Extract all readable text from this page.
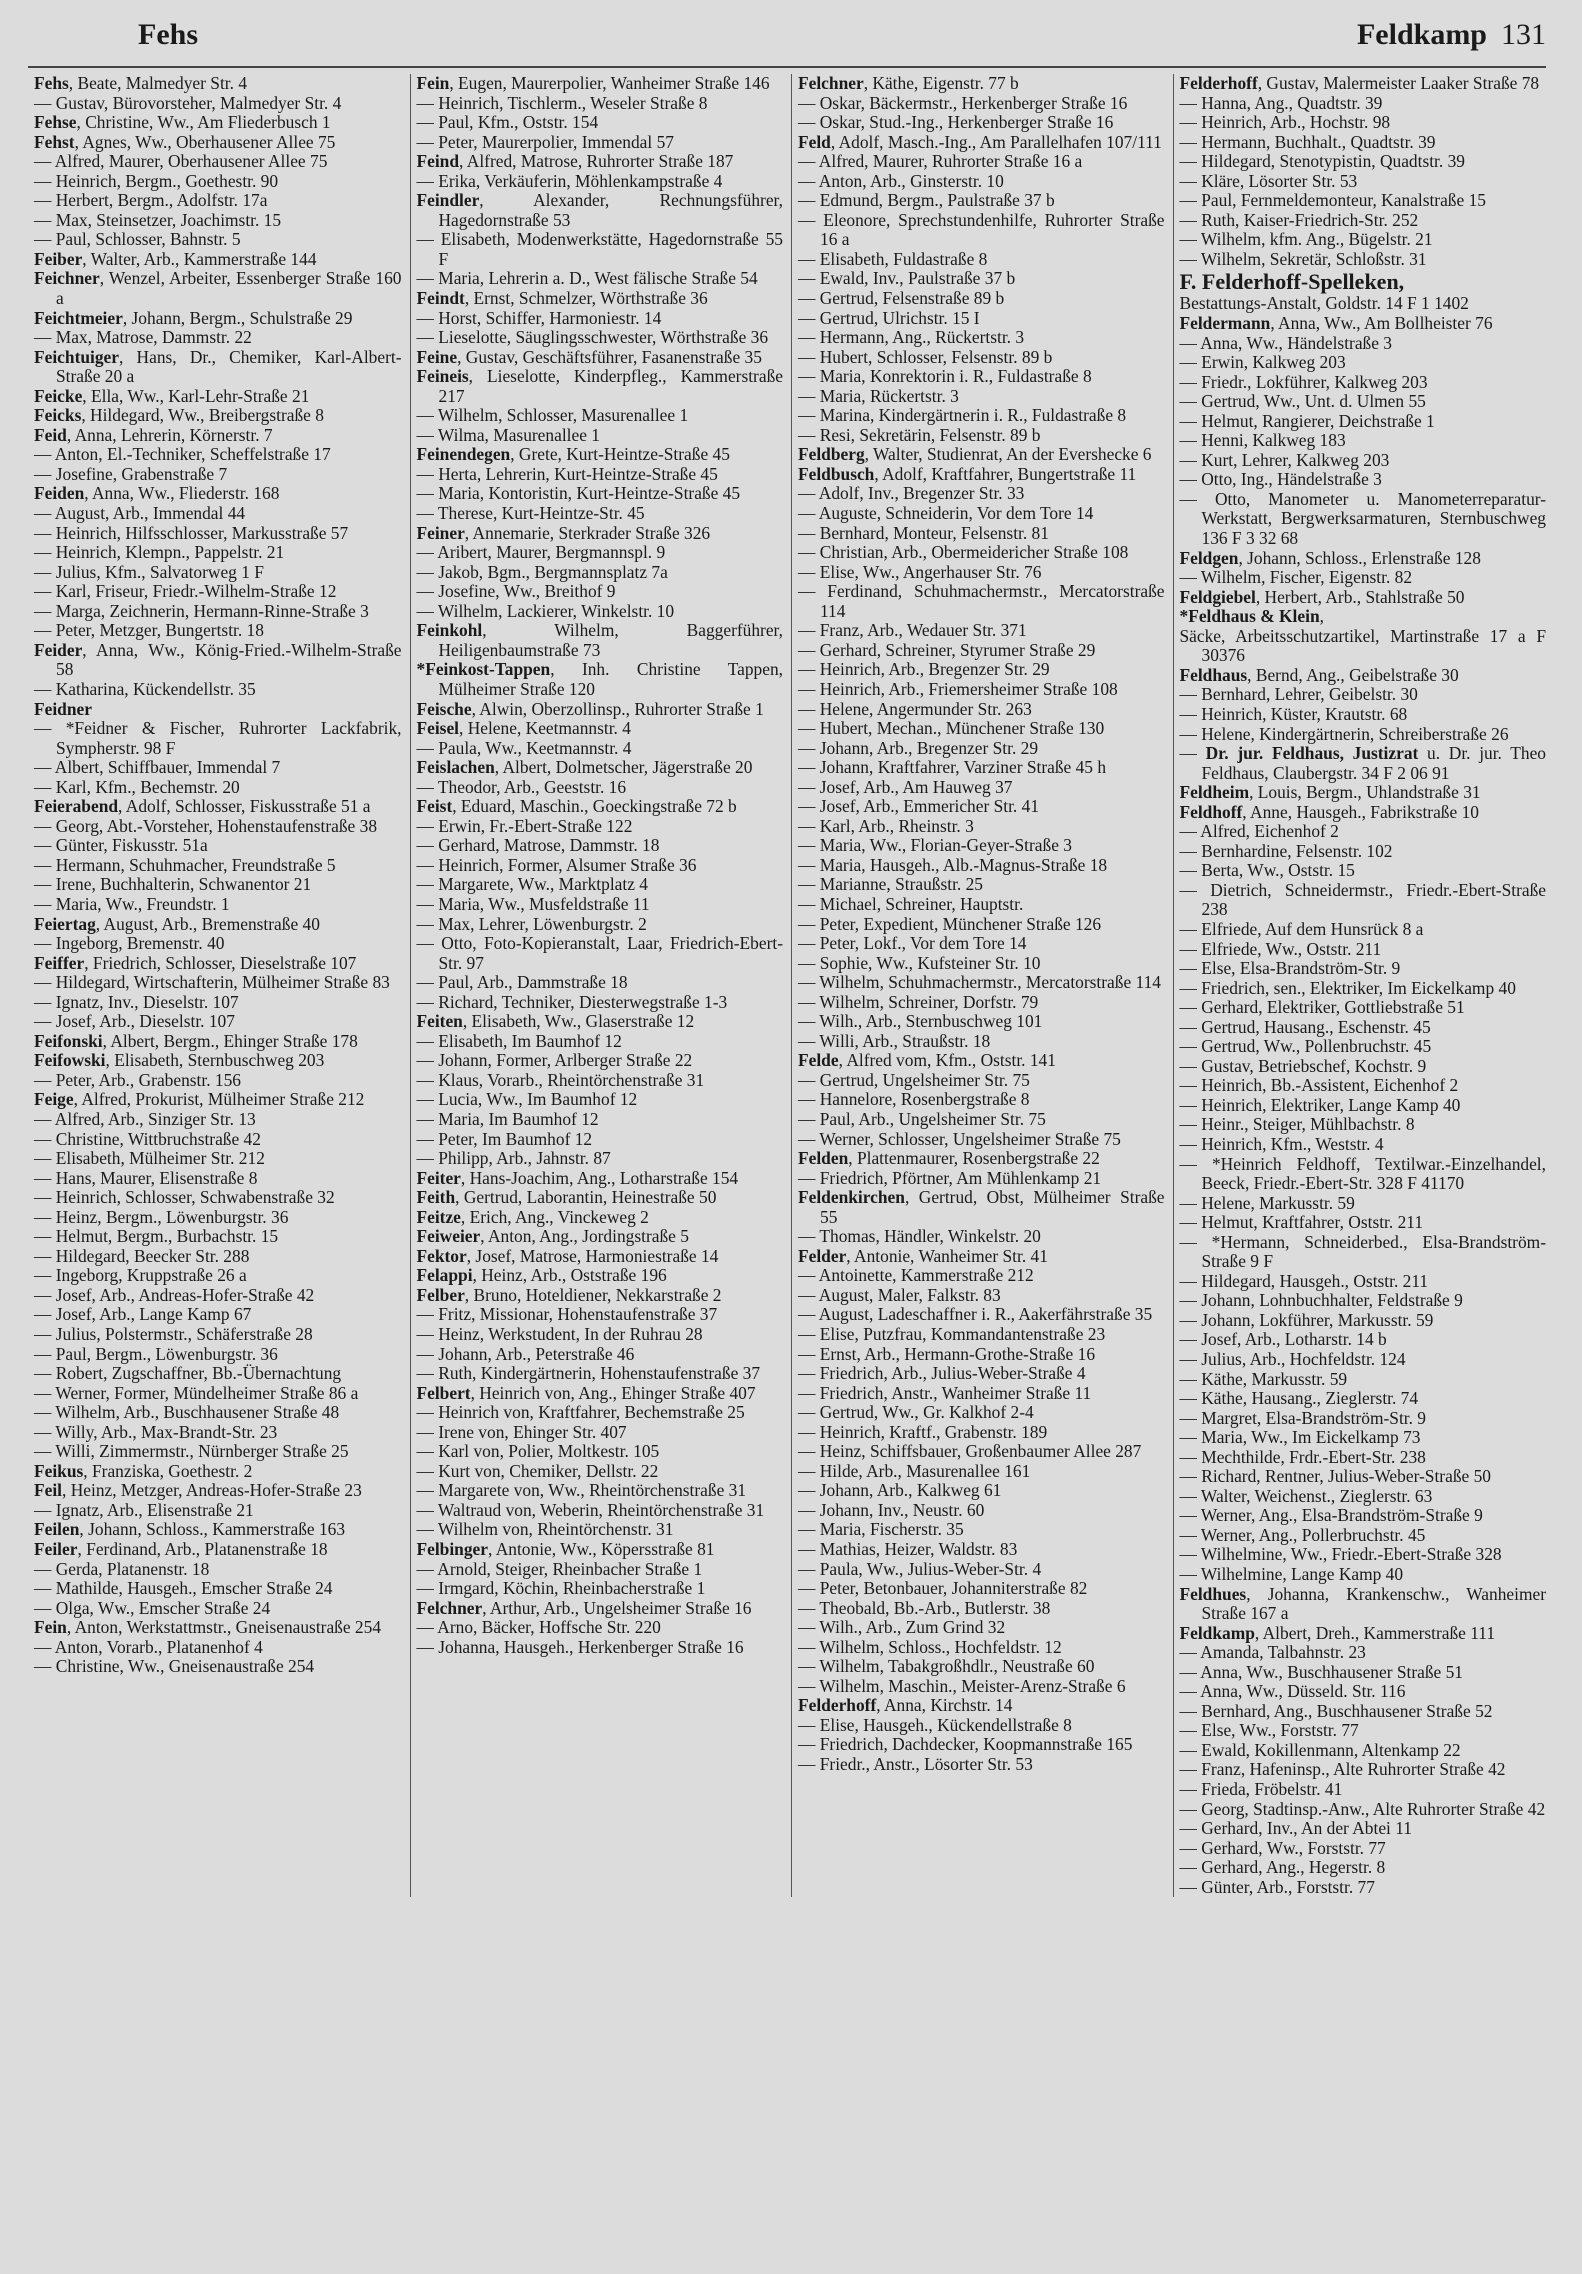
Fehs	Feldkamp 131
Fehs, Beate, Malmedyer Str. 4
— Gustav, Bürovorsteher, Malmedyer Str. 4
Fehse, Christine, Ww., Am Fliederbusch 1
Fehst, Agnes, Ww., Oberhausener Allee 75
— Alfred, Maurer, Oberhausener Allee 75
— Heinrich, Bergm., Goethestr. 90
— Herbert, Bergm., Adolfstr. 17a
— Max, Steinsetzer, Joachimstr. 15
— Paul, Schlosser, Bahnstr. 5
Feiber, Walter, Arb., Kammerstraße 144
Feichner, Wenzel, Arbeiter, Essenberger Straße 160 a
Feichtmeier, Johann, Bergm., Schulstraße 29
— Max, Matrose, Dammstr. 22
Feichtuiger, Hans, Dr., Chemiker, Karl-Albert-Straße 20 a
Feicke, Ella, Ww., Karl-Lehr-Straße 21
Feicks, Hildegard, Ww., Breibergstraße 8
Feid, Anna, Lehrerin, Körnerstr. 7
— Anton, El.-Techniker, Scheffelstraße 17
— Josefine, Grabenstraße 7
Feiden, Anna, Ww., Fliederstr. 168
— August, Arb., Immendal 44
— Heinrich, Hilfsschlosser, Markusstraße 57
— Heinrich, Klempn., Pappelstr. 21
— Julius, Kfm., Salvatorweg 1 F
— Karl, Friseur, Friedr.-Wilhelm-Straße 12
— Marga, Zeichnerin, Hermann-Rinne-Straße 3
— Peter, Metzger, Bungertstr. 18
Feider, Anna, Ww., König-Fried.-Wilhelm-Straße 58
— Katharina, Kückendellstr. 35
Feidner
— *Feidner & Fischer, Ruhrorter Lackfabrik, Sympherstr. 98 F
— Albert, Schiffbauer, Immendal 7
— Karl, Kfm., Bechemstr. 20
Feierabend, Adolf, Schlosser, Fiskusstraße 51 a
— Georg, Abt.-Vorsteher, Hohenstaufenstraße 38
— Günter, Fiskusstr. 51a
— Hermann, Schuhmacher, Freundstraße 5
— Irene, Buchhalterin, Schwanentor 21
— Maria, Ww., Freundstr. 1
Feiertag, August, Arb., Bremenstraße 40
— Ingeborg, Bremenstr. 40
Feiffer, Friedrich, Schlosser, Dieselstraße 107
— Hildegard, Wirtschafterin, Mülheimer Straße 83
— Ignatz, Inv., Dieselstr. 107
— Josef, Arb., Dieselstr. 107
Feifonski, Albert, Bergm., Ehinger Straße 178
Feifowski, Elisabeth, Sternbuschweg 203
— Peter, Arb., Grabenstr. 156
Feige, Alfred, Prokurist, Mülheimer Straße 212
— Alfred, Arb., Sinziger Str. 13
— Christine, Wittbruchstraße 42
— Elisabeth, Mülheimer Str. 212
— Hans, Maurer, Elisenstraße 8
— Heinrich, Schlosser, Schwabenstraße 32
— Heinz, Bergm., Löwenburgstr. 36
— Helmut, Bergm., Burbachstr. 15
— Hildegard, Beecker Str. 288
— Ingeborg, Kruppstraße 26 a
— Josef, Arb., Andreas-Hofer-Straße 42
— Josef, Arb., Lange Kamp 67
— Julius, Polstermstr., Schäferstraße 28
— Paul, Bergm., Löwenburgstr. 36
— Robert, Zugschaffner, Bb.-Übernachtung
— Werner, Former, Mündelheimer Straße 86 a
— Wilhelm, Arb., Buschhausener Straße 48
— Willy, Arb., Max-Brandt-Str. 23
— Willi, Zimmermstr., Nürnberger Straße 25
Feikus, Franziska, Goethestr. 2
Feil, Heinz, Metzger, Andreas-Hofer-Straße 23
— Ignatz, Arb., Elisenstraße 21
Feilen, Johann, Schloss., Kammerstraße 163
Feiler, Ferdinand, Arb., Platanenstraße 18
— Gerda, Platanenstr. 18
— Mathilde, Hausgeh., Emscher Straße 24
— Olga, Ww., Emscher Straße 24
Fein, Anton, Werkstattmstr., Gneisenaustraße 254
— Anton, Vorarb., Platanenhof 4
— Christine, Ww., Gneisenaustraße 254
Fein, Eugen, Maurerpolier, Wanheimer Straße 146
— Heinrich, Tischlerm., Weseler Straße 8
— Paul, Kfm., Oststr. 154
— Peter, Maurerpolier, Immendal 57
Feind, Alfred, Matrose, Ruhrorter Straße 187
— Erika, Verkäuferin, Möhlenkampstraße 4
Feindler, Alexander, Rechnungsführer, Hagedornstraße 53
— Elisabeth, Modenwerkstätte, Hagedornstraße 55 F
— Maria, Lehrerin a. D., West fälische Straße 54
Feindt, Ernst, Schmelzer, Wörthstraße 36
— Horst, Schiffer, Harmoniestr. 14
— Lieselotte, Säuglingsschwester, Wörthstraße 36
Feine, Gustav, Geschäftsführer, Fasanenstraße 35
Feineis, Lieselotte, Kinderpfleg., Kammerstraße 217
— Wilhelm, Schlosser, Masurenallee 1
— Wilma, Masurenallee 1
Feinendegen, Grete, Kurt-Heintze-Straße 45
— Herta, Lehrerin, Kurt-Heintze-Straße 45
— Maria, Kontoristin, Kurt-Heintze-Straße 45
— Therese, Kurt-Heintze-Str. 45
Feiner, Annemarie, Sterkrader Straße 326
— Aribert, Maurer, Bergmannspl. 9
— Jakob, Bgm., Bergmannsplatz 7a
— Josefine, Ww., Breithof 9
— Wilhelm, Lackierer, Winkelstr. 10
Feinkohl, Wilhelm, Baggerführer, Heiligenbaumstraße 73
*Feinkost-Tappen, Inh. Christine Tappen, Mülheimer Straße 120
Feische, Alwin, Oberzollinsp., Ruhrorter Straße 1
Feisel, Helene, Keetmannstr. 4
— Paula, Ww., Keetmannstr. 4
Feislachen, Albert, Dolmetscher, Jägerstraße 20
— Theodor, Arb., Geeststr. 16
Feist, Eduard, Maschin., Goeckingstraße 72 b
— Erwin, Fr.-Ebert-Straße 122
— Gerhard, Matrose, Dammstr. 18
— Heinrich, Former, Alsumer Straße 36
— Margarete, Ww., Marktplatz 4
— Maria, Ww., Musfeldstraße 11
— Max, Lehrer, Löwenburgstr. 2
— Otto, Foto-Kopieranstalt, Laar, Friedrich-Ebert-Str. 97
— Paul, Arb., Dammstraße 18
— Richard, Techniker, Diesterwegstraße 1-3
Feiten, Elisabeth, Ww., Glaserstraße 12
— Elisabeth, Im Baumhof 12
— Johann, Former, Arlberger Straße 22
— Klaus, Vorarb., Rheintörchenstraße 31
— Lucia, Ww., Im Baumhof 12
— Maria, Im Baumhof 12
— Peter, Im Baumhof 12
— Philipp, Arb., Jahnstr. 87
Feiter, Hans-Joachim, Ang., Lotharstraße 154
Feith, Gertrud, Laborantin, Heinestraße 50
Feitze, Erich, Ang., Vinckeweg 2
Feiweier, Anton, Ang., Jordingstraße 5
Fektor, Josef, Matrose, Harmoniestraße 14
Felappi, Heinz, Arb., Oststraße 196
Felber, Bruno, Hoteldiener, Nekkarstraße 2
— Fritz, Missionar, Hohenstaufenstraße 37
— Heinz, Werkstudent, In der Ruhrau 28
— Johann, Arb., Peterstraße 46
— Ruth, Kindergärtnerin, Hohenstaufenstraße 37
Felbert, Heinrich von, Ang., Ehinger Straße 407
— Heinrich von, Kraftfahrer, Bechemstraße 25
— Irene von, Ehinger Str. 407
— Karl von, Polier, Moltkestr. 105
— Kurt von, Chemiker, Dellstr. 22
— Margarete von, Ww., Rheintörchenstraße 31
— Waltraud von, Weberin, Rheintörchenstraße 31
— Wilhelm von, Rheintörchenstr. 31
Felbinger, Antonie, Ww., Köpersstraße 81
— Arnold, Steiger, Rheinbacher Straße 1
— Irmgard, Köchin, Rheinbacherstraße 1
Felchner, Arthur, Arb., Ungelsheimer Straße 16
— Arno, Bäcker, Hoffsche Str. 220
— Johanna, Hausgeh., Herkenberger Straße 16
Felchner, Käthe, Eigenstr. 77 b
— Oskar, Bäckermstr., Herkenberger Straße 16
— Oskar, Stud.-Ing., Herkenberger Straße 16
Feld, Adolf, Masch.-Ing., Am Parallelhafen 107/111
— Alfred, Maurer, Ruhrorter Straße 16 a
— Anton, Arb., Ginsterstr. 10
— Edmund, Bergm., Paulstraße 37 b
— Eleonore, Sprechstundenhilfe, Ruhrorter Straße 16 a
— Elisabeth, Fuldastraße 8
— Ewald, Inv., Paulstraße 37 b
— Gertrud, Felsenstraße 89 b
— Gertrud, Ulrichstr. 15 I
— Hermann, Ang., Rückertstr. 3
— Hubert, Schlosser, Felsenstr. 89 b
— Maria, Konrektorin i. R., Fuldastraße 8
— Maria, Rückertstr. 3
— Marina, Kindergärtnerin i. R., Fuldastraße 8
— Resi, Sekretärin, Felsenstr. 89 b
Feldberg, Walter, Studienrat, An der Evershecke 6
Feldbusch, Adolf, Kraftfahrer, Bungertstraße 11
— Adolf, Inv., Bregenzer Str. 33
— Auguste, Schneiderin, Vor dem Tore 14
— Bernhard, Monteur, Felsenstr. 81
— Christian, Arb., Obermeidericher Straße 108
— Elise, Ww., Angerhauser Str. 76
— Ferdinand, Schuhmachermstr., Mercatorstraße 114
— Franz, Arb., Wedauer Str. 371
— Gerhard, Schreiner, Styrumer Straße 29
— Heinrich, Arb., Bregenzer Str. 29
— Heinrich, Arb., Friemersheimer Straße 108
— Helene, Angermunder Str. 263
— Hubert, Mechan., Münchener Straße 130
— Johann, Arb., Bregenzer Str. 29
— Johann, Kraftfahrer, Varziner Straße 45 h
— Josef, Arb., Am Hauweg 37
— Josef, Arb., Emmericher Str. 41
— Karl, Arb., Rheinstr. 3
— Maria, Ww., Florian-Geyer-Straße 3
— Maria, Hausgeh., Alb.-Magnus-Straße 18
— Marianne, Straußstr. 25
— Michael, Schreiner, Hauptstr.
— Peter, Expedient, Münchener Straße 126
— Peter, Lokf., Vor dem Tore 14
— Sophie, Ww., Kufsteiner Str. 10
— Wilhelm, Schuhmachermstr., Mercatorstraße 114
— Wilhelm, Schreiner, Dorfstr. 79
— Wilh., Arb., Sternbuschweg 101
— Willi, Arb., Straußstr. 18
Felde, Alfred vom, Kfm., Oststr. 141
— Gertrud, Ungelsheimer Str. 75
— Hannelore, Rosenbergstraße 8
— Paul, Arb., Ungelsheimer Str. 75
— Werner, Schlosser, Ungelsheimer Straße 75
Felden, Plattenmaurer, Rosenbergstraße 22
— Friedrich, Pförtner, Am Mühlenkamp 21
Feldenkirchen, Gertrud, Obst, Mülheimer Straße 55
— Thomas, Händler, Winkelstr. 20
Felder, Antonie, Wanheimer Str. 41
— Antoinette, Kammerstraße 212
— August, Maler, Falkstr. 83
— August, Ladeschaffner i. R., Aakerfährstraße 35
— Elise, Putzfrau, Kommandantenstraße 23
— Ernst, Arb., Hermann-Grothe-Straße 16
— Friedrich, Arb., Julius-Weber-Straße 4
— Friedrich, Anstr., Wanheimer Straße 11
— Gertrud, Ww., Gr. Kalkhof 2-4
— Heinrich, Kraftf., Grabenstr. 189
— Heinz, Schiffsbauer, Großenbaumer Allee 287
— Hilde, Arb., Masurenallee 161
— Johann, Arb., Kalkweg 61
— Johann, Inv., Neustr. 60
— Maria, Fischerstr. 35
— Mathias, Heizer, Waldstr. 83
— Paula, Ww., Julius-Weber-Str. 4
— Peter, Betonbauer, Johanniterstraße 82
— Theobald, Bb.-Arb., Butlerstr. 38
— Wilh., Arb., Zum Grind 32
— Wilhelm, Schloss., Hochfeldstr. 12
— Wilhelm, Tabakgroßhdlr., Neustraße 60
— Wilhelm, Maschin., Meister-Arenz-Straße 6
Felderhoff, Anna, Kirchstr. 14
— Elise, Hausgeh., Kückendellstraße 8
— Friedrich, Dachdecker, Koopmannstraße 165
— Friedr., Anstr., Lösorter Str. 53
Felderhoff, Gustav, Malermeister Laaker Straße 78
— Hanna, Ang., Quadtstr. 39
— Heinrich, Arb., Hochstr. 98
— Hermann, Buchhalt., Quadtstr. 39
— Hildegard, Stenotypistin, Quadtstr. 39
— Kläre, Lösorter Str. 53
— Paul, Fernmeldemonteur, Kanalstraße 15
— Ruth, Kaiser-Friedrich-Str. 252
— Wilhelm, kfm. Ang., Bügelstr. 21
— Wilhelm, Sekretär, Schloßstr. 31
F. Felderhoff-Spelleken,
Bestattungs-Anstalt, Goldstr. 14 F 1 1402
Feldermann, Anna, Ww., Am Bollheister 76
— Anna, Ww., Händelstraße 3
— Erwin, Kalkweg 203
— Friedr., Lokführer, Kalkweg 203
— Gertrud, Ww., Unt. d. Ulmen 55
— Helmut, Rangierer, Deichstraße 1
— Henni, Kalkweg 183
— Kurt, Lehrer, Kalkweg 203
— Otto, Ing., Händelstraße 3
— Otto, Manometer u. Manometerreparatur-Werkstatt, Bergwerksarmaturen, Sternbuschweg 136 F 3 32 68
Feldgen, Johann, Schloss., Erlenstraße 128
— Wilhelm, Fischer, Eigenstr. 82
Feldgiebel, Herbert, Arb., Stahlstraße 50
*Feldhaus & Klein,
Säcke, Arbeitsschutzartikel, Martinstraße 17 a F 30376
Feldhaus, Bernd, Ang., Geibelstraße 30
— Bernhard, Lehrer, Geibelstr. 30
— Heinrich, Küster, Krautstr. 68
— Helene, Kindergärtnerin, Schreiberstraße 26
— Dr. jur. Feldhaus, Justizrat u. Dr. jur. Theo Feldhaus, Claubergstr. 34 F 2 06 91
Feldheim, Louis, Bergm., Uhlandstraße 31
Feldhoff, Anne, Hausgeh., Fabrikstraße 10
— Alfred, Eichenhof 2
— Bernhardine, Felsenstr. 102
— Berta, Ww., Oststr. 15
— Dietrich, Schneidermstr., Friedr.-Ebert-Straße 238
— Elfriede, Auf dem Hunsrück 8 a
— Elfriede, Ww., Oststr. 211
— Else, Elsa-Brandström-Str. 9
— Friedrich, sen., Elektriker, Im Eickelkamp 40
— Gerhard, Elektriker, Gottliebstraße 51
— Gertrud, Hausang., Eschenstr. 45
— Gertrud, Ww., Pollenbruchstr. 45
— Gustav, Betriebschef, Kochstr. 9
— Heinrich, Bb.-Assistent, Eichenhof 2
— Heinrich, Elektriker, Lange Kamp 40
— Heinr., Steiger, Mühlbachstr. 8
— Heinrich, Kfm., Weststr. 4
— *Heinrich Feldhoff, Textilwar.-Einzelhandel, Beeck, Friedr.-Ebert-Str. 328 F 41170
— Helene, Markusstr. 59
— Helmut, Kraftfahrer, Oststr. 211
— *Hermann, Schneiderbed., Elsa-Brandström-Straße 9 F
— Hildegard, Hausgeh., Oststr. 211
— Johann, Lohnbuchhalter, Feldstraße 9
— Johann, Lokführer, Markusstr. 59
— Josef, Arb., Lotharstr. 14 b
— Julius, Arb., Hochfeldstr. 124
— Käthe, Markusstr. 59
— Käthe, Hausang., Zieglerstr. 74
— Margret, Elsa-Brandström-Str. 9
— Maria, Ww., Im Eickelkamp 73
— Mechthilde, Frdr.-Ebert-Str. 238
— Richard, Rentner, Julius-Weber-Straße 50
— Walter, Weichenst., Zieglerstr. 63
— Werner, Ang., Elsa-Brandström-Straße 9
— Werner, Ang., Pollerbruchstr. 45
— Wilhelmine, Ww., Friedr.-Ebert-Straße 328
— Wilhelmine, Lange Kamp 40
Feldhues, Johanna, Krankenschw., Wanheimer Straße 167 a
Feldkamp, Albert, Dreh., Kammerstraße 111
— Amanda, Talbahnstr. 23
— Anna, Ww., Buschhausener Straße 51
— Anna, Ww., Düsseld. Str. 116
— Bernhard, Ang., Buschhausener Straße 52
— Else, Ww., Forststr. 77
— Ewald, Kokillenmann, Altenkamp 22
— Franz, Hafeninsp., Alte Ruhrorter Straße 42
— Frieda, Fröbelstr. 41
— Georg, Stadtinsp.-Anw., Alte Ruhrorter Straße 42
— Gerhard, Inv., An der Abtei 11
— Gerhard, Ww., Forststr. 77
— Gerhard, Ang., Hegerstr. 8
— Günter, Arb., Forststr. 77
